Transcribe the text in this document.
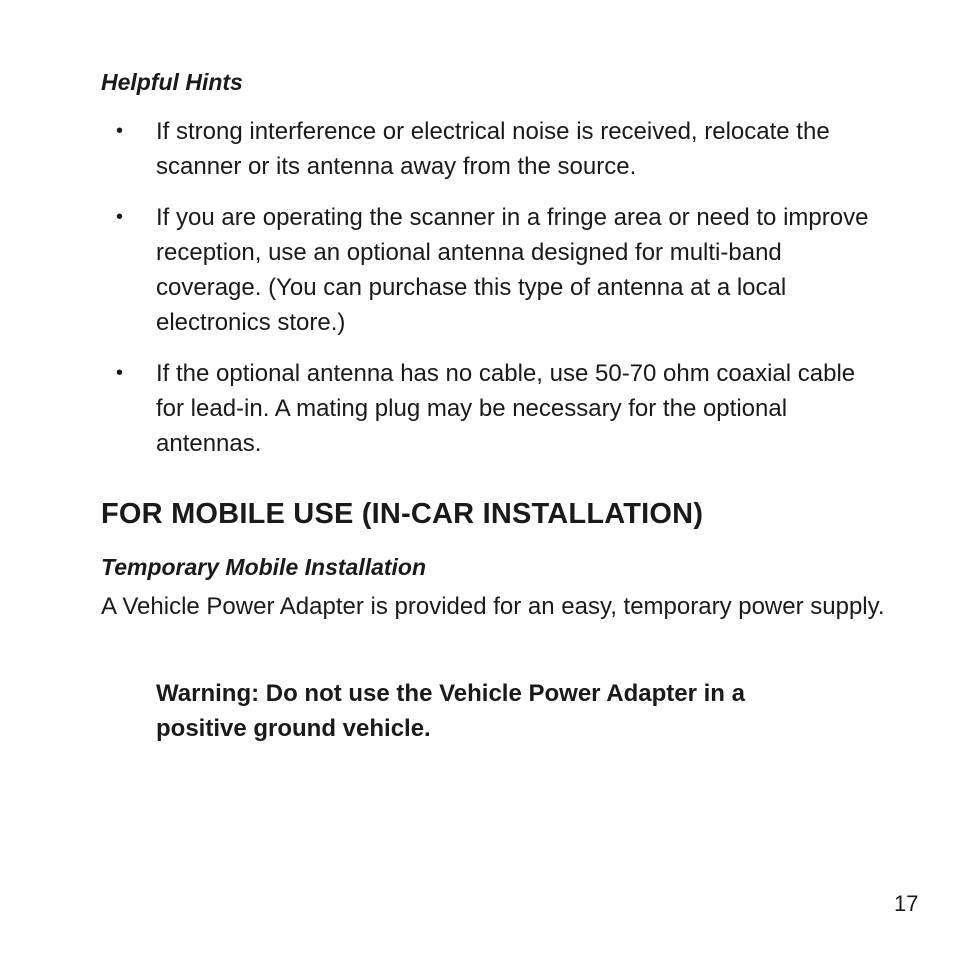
Helpful Hints
• If strong interference or electrical noise is received, relocate the scanner or its antenna away from the source.
• If you are operating the scanner in a fringe area or need to improve reception, use an optional antenna designed for multi-band coverage. (You can purchase this type of antenna at a local electronics store.)
• If the optional antenna has no cable, use 50-70 ohm coaxial cable for lead-in. A mating plug may be necessary for the optional antennas.
FOR MOBILE USE (IN-CAR INSTALLATION)
Temporary Mobile Installation

A Vehicle Power Adapter is provided for an easy, temporary power supply.

Warning: Do not use the Vehicle Power Adapter in a positive ground vehicle.

17
